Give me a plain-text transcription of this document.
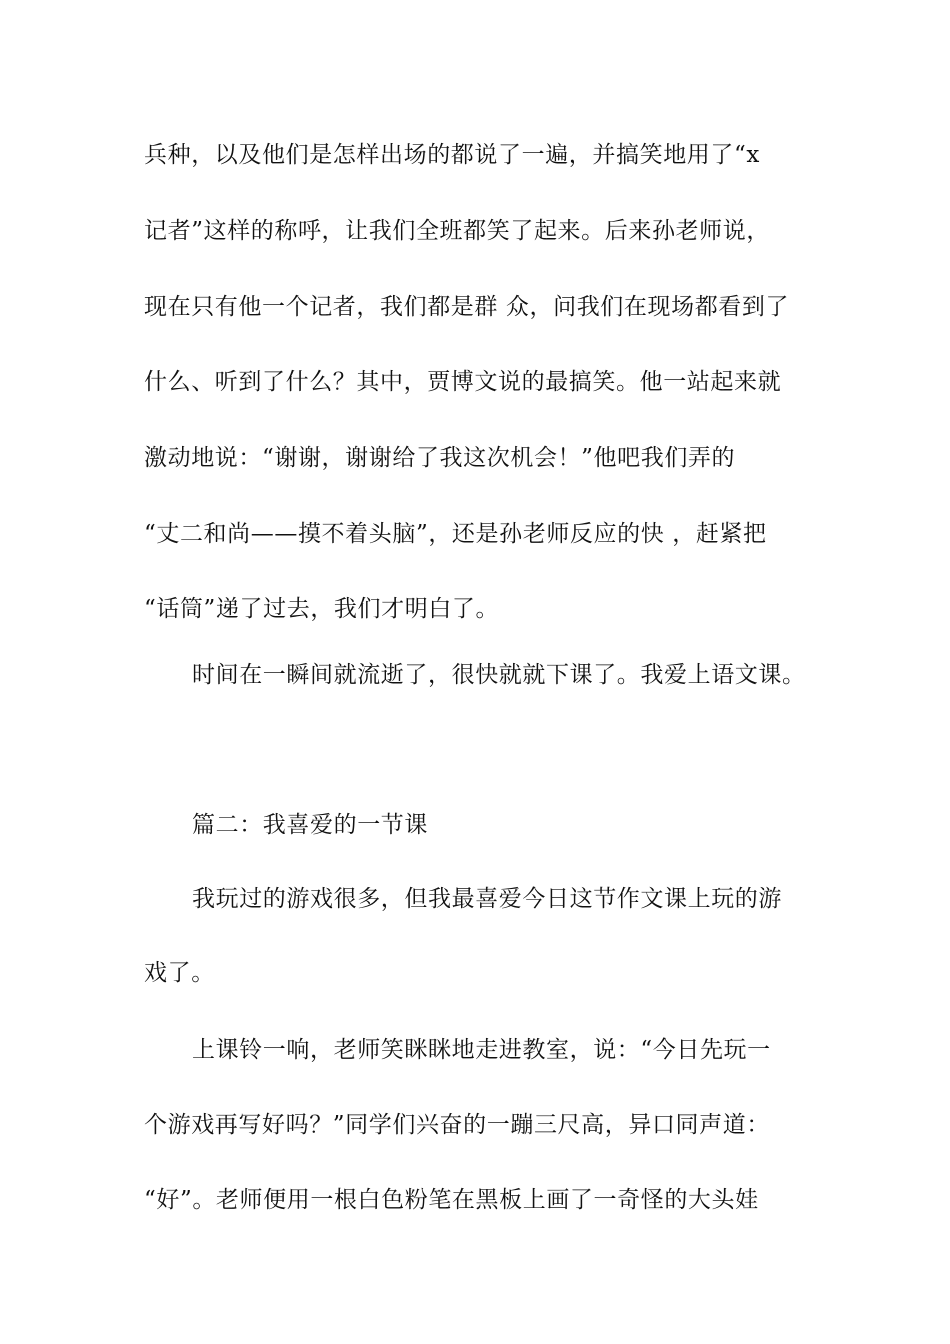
兵种，以及他们是怎样出场的都说了一遍，并搞笑地用了“x
记者”这样的称呼，让我们全班都笑了起来。后来孙老师说，
现在只有他一个记者，我们都是群 众，问我们在现场都看到了
什么、听到了什么？其中，贾博文说的最搞笑。他一站起来就
激动地说：“谢谢，谢谢给了我这次机会！”他吧我们弄的
“丈二和尚——摸不着头脑”，还是孙老师反应的快 ，赶紧把
“话筒”递了过去，我们才明白了。
时间在一瞬间就流逝了，很快就就下课了。我爱上语文课。
篇二：我喜爱的一节课
我玩过的游戏很多，但我最喜爱今日这节作文课上玩的游
戏了。
上课铃一响，老师笑眯眯地走进教室，说：“今日先玩一
个游戏再写好吗？”同学们兴奋的一蹦三尺高，异口同声道：
“好”。老师便用一根白色粉笔在黑板上画了一奇怪的大头娃
